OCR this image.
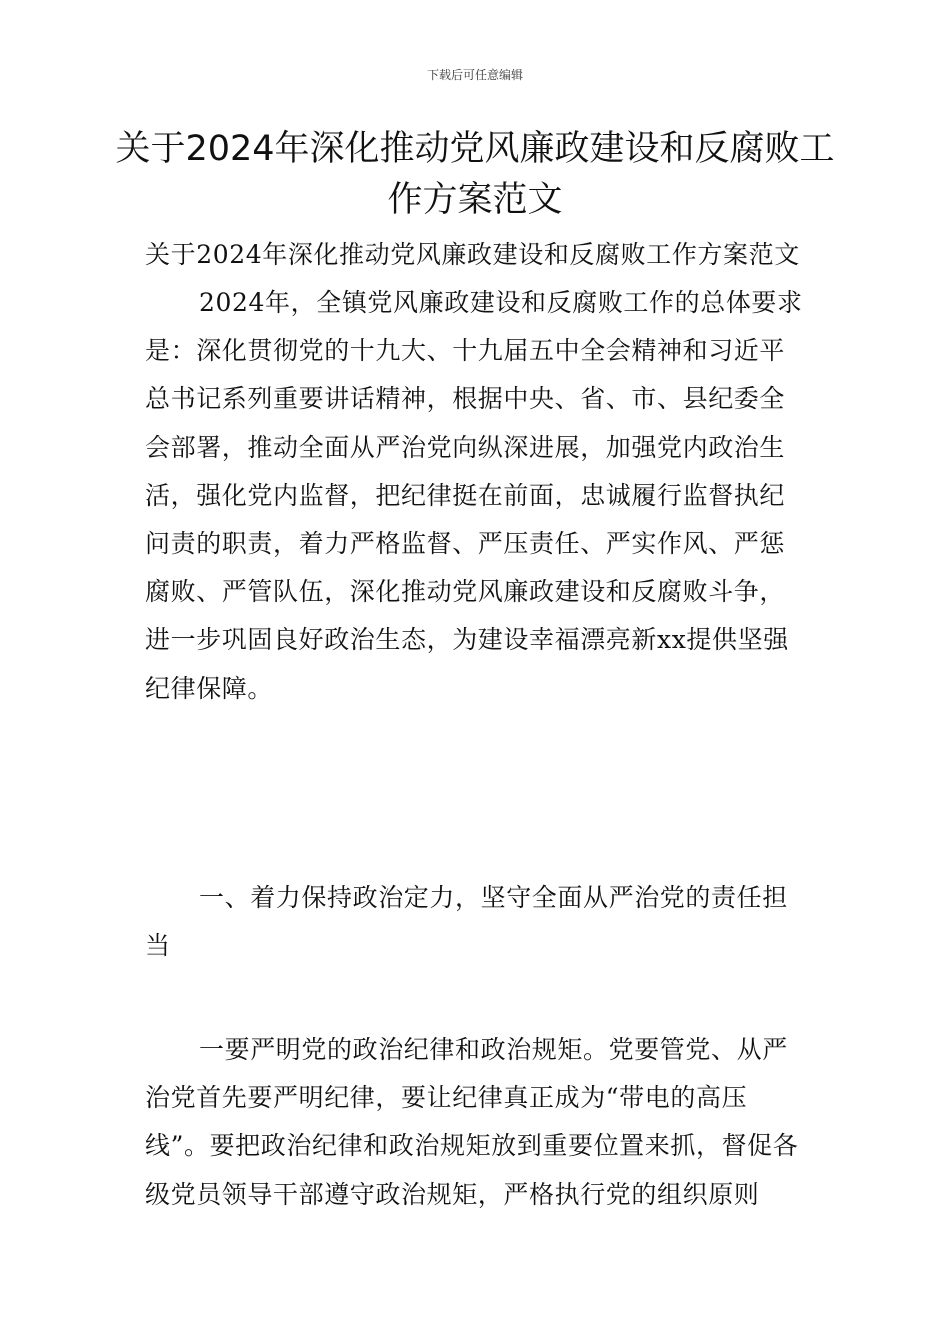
下载后可任意编辑
关于2024年深化推动党风廉政建设和反腐败工作方案范文

关于2024年深化推动党风廉政建设和反腐败工作方案范文

2024年，全镇党风廉政建设和反腐败工作的总体要求是：深化贯彻党的十九大、十九届五中全会精神和习近平总书记系列重要讲话精神，根据中央、省、市、县纪委全会部署，推动全面从严治党向纵深进展，加强党内政治生活，强化党内监督，把纪律挺在前面，忠诚履行监督执纪问责的职责，着力严格监督、严压责任、严实作风、严惩腐败、严管队伍，深化推动党风廉政建设和反腐败斗争，进一步巩固良好政治生态，为建设幸福漂亮新xx提供坚强纪律保障。

一、着力保持政治定力，坚守全面从严治党的责任担当

一要严明党的政治纪律和政治规矩。党要管党、从严治党首先要严明纪律，要让纪律真正成为“带电的高压线”。要把政治纪律和政治规矩放到重要位置来抓，督促各级党员领导干部遵守政治规矩，严格执行党的组织原则
